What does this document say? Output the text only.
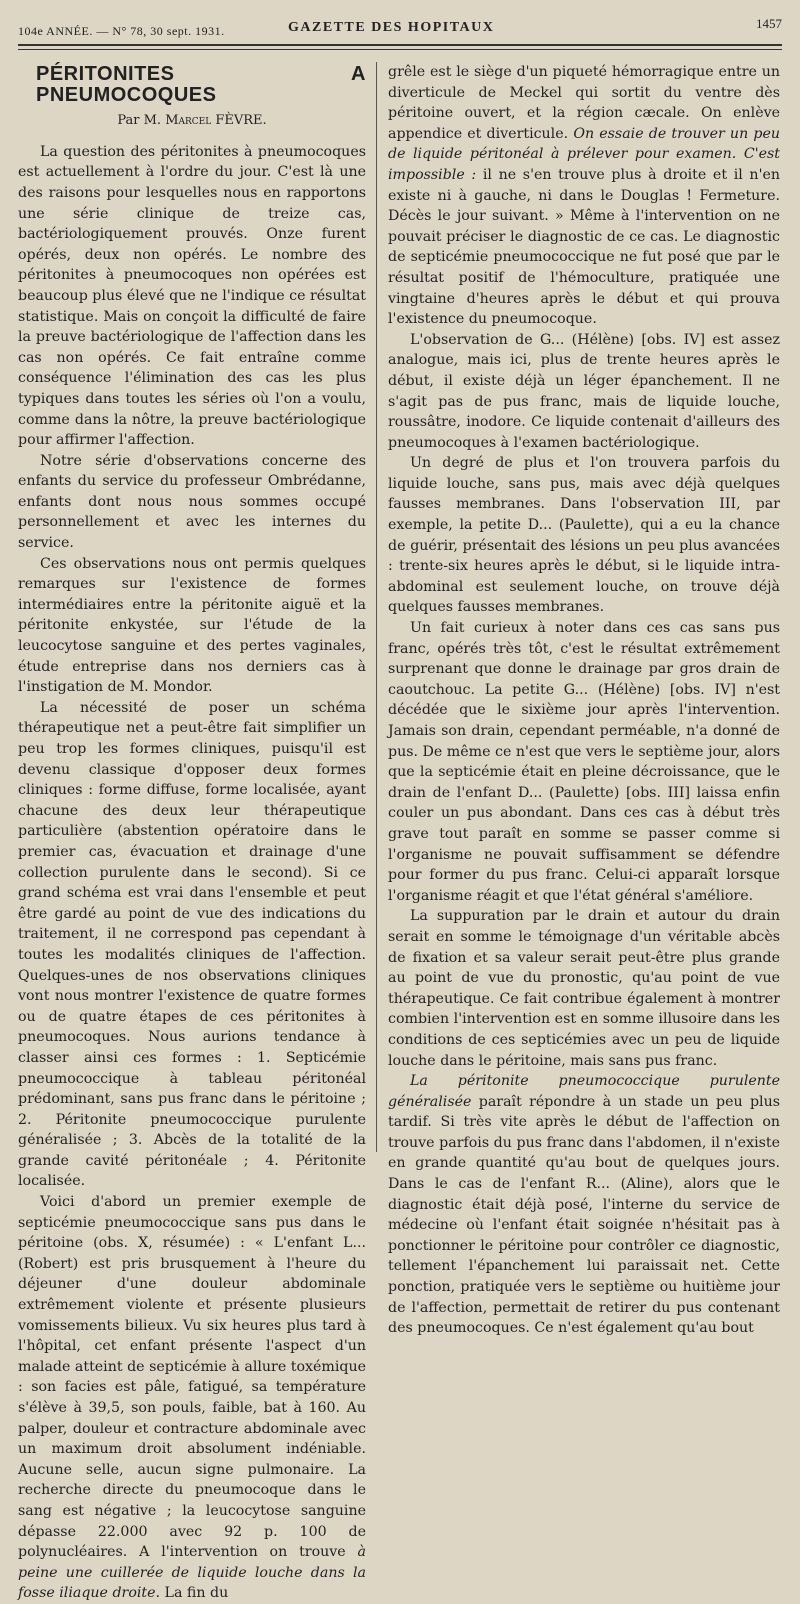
104e ANNÉE. — N° 78, 30 sept. 1931.	GAZETTE DES HOPITAUX	1457
PÉRITONITES A PNEUMOCOQUES
Par M. Marcel FÈVRE.

La question des péritonites à pneumocoques est actuellement à l'ordre du jour. C'est là une des raisons pour lesquelles nous en rapportons une série clinique de treize cas, bactériologiquement prouvés. Onze furent opérés, deux non opérés. Le nombre des péritonites à pneumocoques non opérées est beaucoup plus élevé que ne l'indique ce résultat statistique. Mais on conçoit la difficulté de faire la preuve bactériologique de l'affection dans les cas non opérés. Ce fait entraîne comme conséquence l'élimination des cas les plus typiques dans toutes les séries où l'on a voulu, comme dans la nôtre, la preuve bactériologique pour affirmer l'affection.

Notre série d'observations concerne des enfants du service du professeur Ombrédanne, enfants dont nous nous sommes occupé personnellement et avec les internes du service.

Ces observations nous ont permis quelques remarques sur l'existence de formes intermédiaires entre la péritonite aiguë et la péritonite enkystée, sur l'étude de la leucocytose sanguine et des pertes vaginales, étude entreprise dans nos derniers cas à l'instigation de M. Mondor.

La nécessité de poser un schéma thérapeutique net a peut-être fait simplifier un peu trop les formes cliniques, puisqu'il est devenu classique d'opposer deux formes cliniques : forme diffuse, forme localisée, ayant chacune des deux leur thérapeutique particulière (abstention opératoire dans le premier cas, évacuation et drainage d'une collection purulente dans le second). Si ce grand schéma est vrai dans l'ensemble et peut être gardé au point de vue des indications du traitement, il ne correspond pas cependant à toutes les modalités cliniques de l'affection. Quelques-unes de nos observations cliniques vont nous montrer l'existence de quatre formes ou de quatre étapes de ces péritonites à pneumocoques. Nous aurions tendance à classer ainsi ces formes : 1. Septicémie pneumococcique à tableau péritonéal prédominant, sans pus franc dans le péritoine ; 2. Péritonite pneumococcique purulente généralisée ; 3. Abcès de la totalité de la grande cavité péritonéale ; 4. Péritonite localisée.

Voici d'abord un premier exemple de septicémie pneumococcique sans pus dans le péritoine (obs. X, résumée) : « L'enfant L... (Robert) est pris brusquement à l'heure du déjeuner d'une douleur abdominale extrêmement violente et présente plusieurs vomissements bilieux. Vu six heures plus tard à l'hôpital, cet enfant présente l'aspect d'un malade atteint de septicémie à allure toxémique : son facies est pâle, fatigué, sa température s'élève à 39,5, son pouls, faible, bat à 160. Au palper, douleur et contracture abdominale avec un maximum droit absolument indéniable. Aucune selle, aucun signe pulmonaire. La recherche directe du pneumocoque dans le sang est négative ; la leucocytose sanguine dépasse 22.000 avec 92 p. 100 de polynucléaires. A l'intervention on trouve à peine une cuillerée de liquide louche dans la fosse iliaque droite. La fin du

grêle est le siège d'un piqueté hémorragique entre un diverticule de Meckel qui sortit du ventre dès péritoine ouvert, et la région cæcale. On enlève appendice et diverticule. On essaie de trouver un peu de liquide péritonéal à prélever pour examen. C'est impossible : il ne s'en trouve plus à droite et il n'en existe ni à gauche, ni dans le Douglas ! Fermeture. Décès le jour suivant. » Même à l'intervention on ne pouvait préciser le diagnostic de ce cas. Le diagnostic de septicémie pneumococcique ne fut posé que par le résultat positif de l'hémoculture, pratiquée une vingtaine d'heures après le début et qui prouva l'existence du pneumocoque.

L'observation de G... (Hélène) [obs. IV] est assez analogue, mais ici, plus de trente heures après le début, il existe déjà un léger épanchement. Il ne s'agit pas de pus franc, mais de liquide louche, roussâtre, inodore. Ce liquide contenait d'ailleurs des pneumocoques à l'examen bactériologique.

Un degré de plus et l'on trouvera parfois du liquide louche, sans pus, mais avec déjà quelques fausses membranes. Dans l'observation III, par exemple, la petite D... (Paulette), qui a eu la chance de guérir, présentait des lésions un peu plus avancées : trente-six heures après le début, si le liquide intra-abdominal est seulement louche, on trouve déjà quelques fausses membranes.

Un fait curieux à noter dans ces cas sans pus franc, opérés très tôt, c'est le résultat extrêmement surprenant que donne le drainage par gros drain de caoutchouc. La petite G... (Hélène) [obs. IV] n'est décédée que le sixième jour après l'intervention. Jamais son drain, cependant perméable, n'a donné de pus. De même ce n'est que vers le septième jour, alors que la septicémie était en pleine décroissance, que le drain de l'enfant D... (Paulette) [obs. III] laissa enfin couler un pus abondant. Dans ces cas à début très grave tout paraît en somme se passer comme si l'organisme ne pouvait suffisamment se défendre pour former du pus franc. Celui-ci apparaît lorsque l'organisme réagit et que l'état général s'améliore.

La suppuration par le drain et autour du drain serait en somme le témoignage d'un véritable abcès de fixation et sa valeur serait peut-être plus grande au point de vue du pronostic, qu'au point de vue thérapeutique. Ce fait contribue également à montrer combien l'intervention est en somme illusoire dans les conditions de ces septicémies avec un peu de liquide louche dans le péritoine, mais sans pus franc.

La péritonite pneumococcique purulente généralisée paraît répondre à un stade un peu plus tardif. Si très vite après le début de l'affection on trouve parfois du pus franc dans l'abdomen, il n'existe en grande quantité qu'au bout de quelques jours. Dans le cas de l'enfant R... (Aline), alors que le diagnostic était déjà posé, l'interne du service de médecine où l'enfant était soignée n'hésitait pas à ponctionner le péritoine pour contrôler ce diagnostic, tellement l'épanchement lui paraissait net. Cette ponction, pratiquée vers le septième ou huitième jour de l'affection, permettait de retirer du pus contenant des pneumocoques. Ce n'est également qu'au bout
